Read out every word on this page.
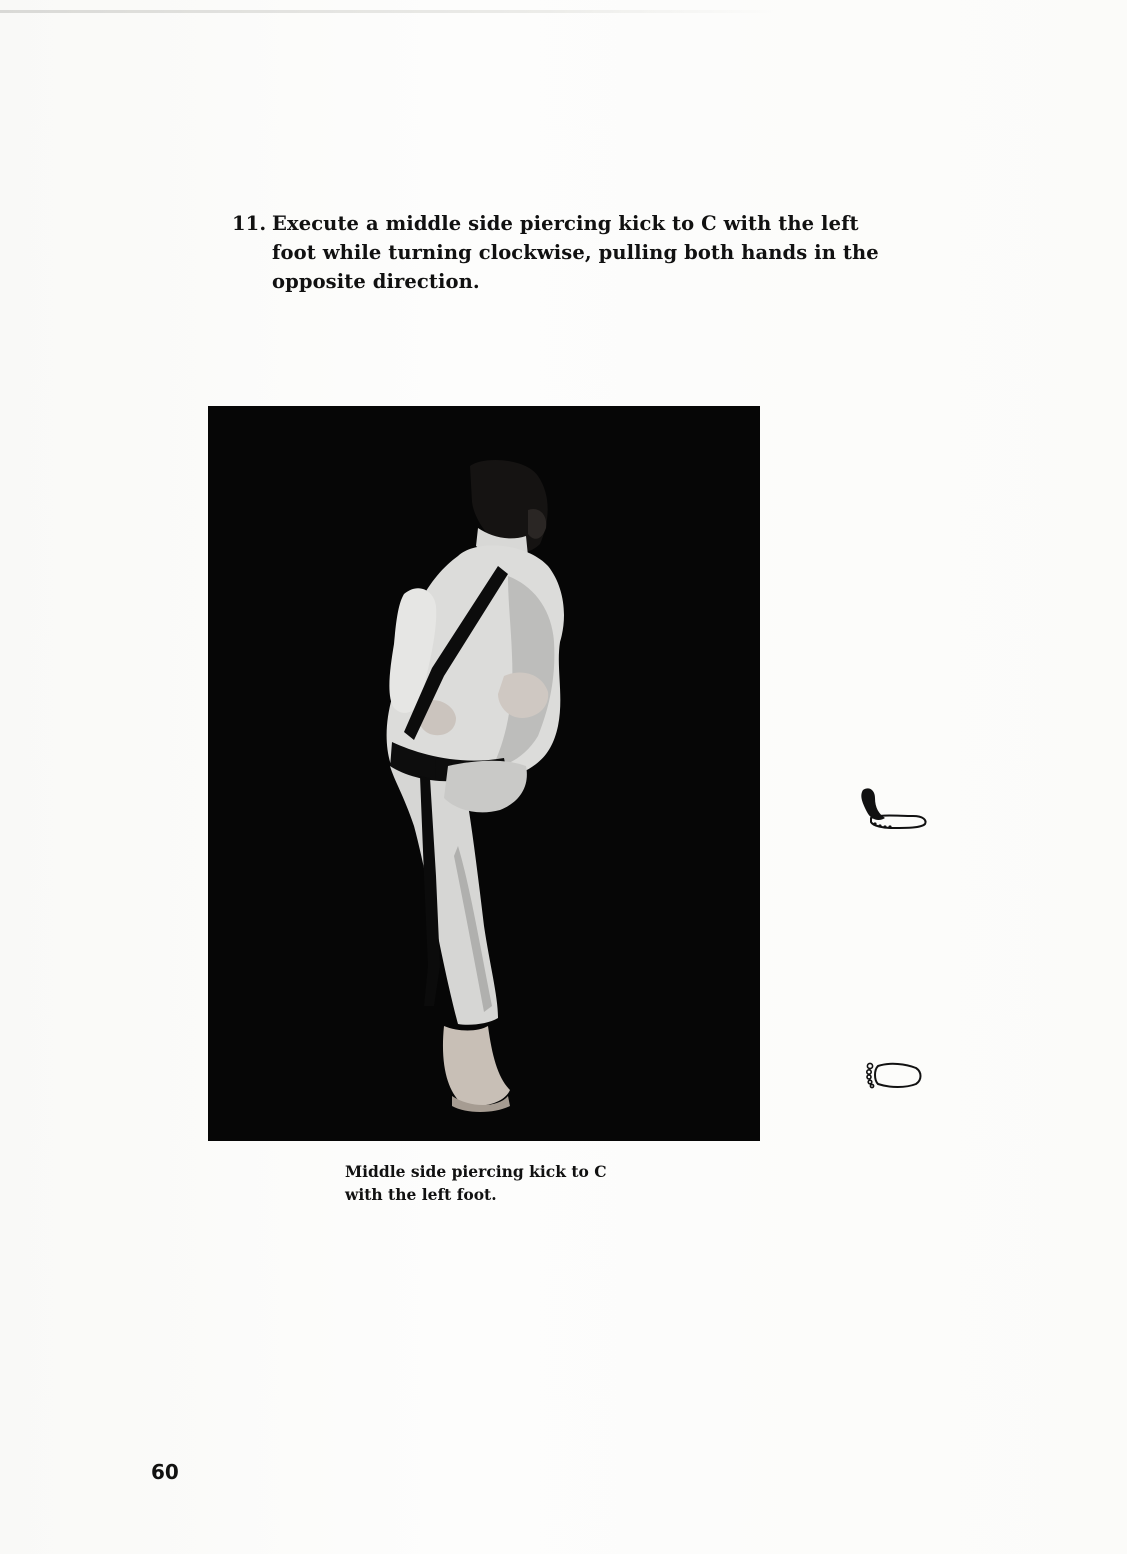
11. Execute a middle side piercing kick to C with the left
foot while turning clockwise, pulling both hands in the
opposite direction.
Middle side piercing kick to C
with the left foot.
60
